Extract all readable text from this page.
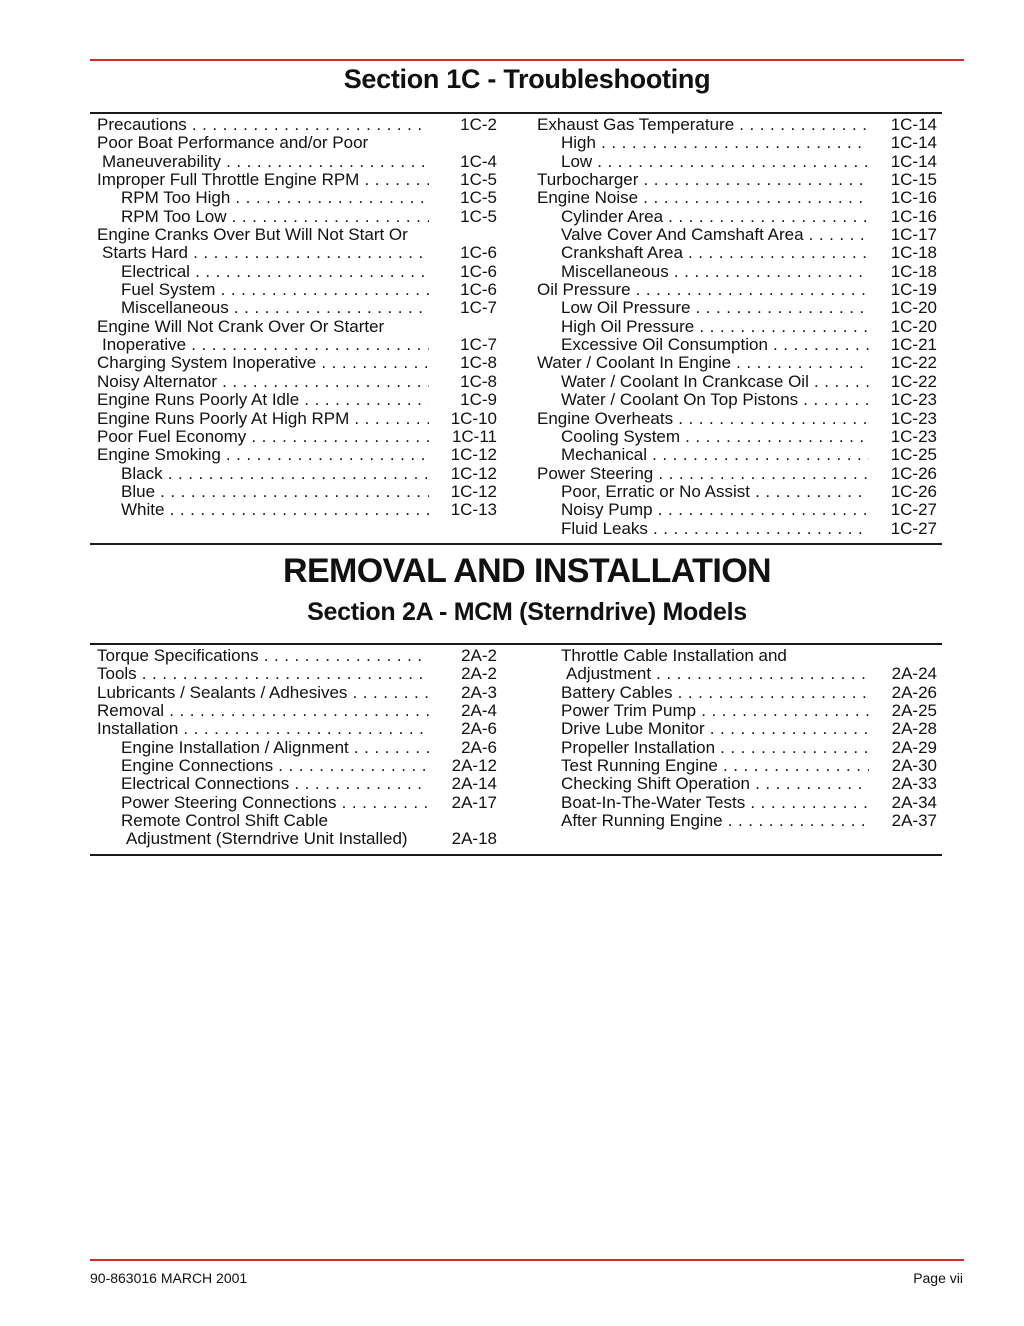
Section 1C - Troubleshooting
Precautions . . .	1C-2
Poor Boat Performance and/or Poor
Maneuverability . . .	1C-4
Improper Full Throttle Engine RPM . . .	1C-5
RPM Too High . . .	1C-5
RPM Too Low . . .	1C-5
Engine Cranks Over But Will Not Start Or
Starts Hard . . .	1C-6
Electrical . . .	1C-6
Fuel System . . .	1C-6
Miscellaneous . . .	1C-7
Engine Will Not Crank Over Or Starter
Inoperative . . .	1C-7
Charging System Inoperative . . .	1C-8
Noisy Alternator . . .	1C-8
Engine Runs Poorly At Idle . . .	1C-9
Engine Runs Poorly At High RPM . . .	1C-10
Poor Fuel Economy . . .	1C-11
Engine Smoking . . .	1C-12
Black . . .	1C-12
Blue . . .	1C-12
White . . .	1C-13
Exhaust Gas Temperature . . .	1C-14
High . . .	1C-14
Low . . .	1C-14
Turbocharger . . .	1C-15
Engine Noise . . .	1C-16
Cylinder Area . . .	1C-16
Valve Cover And Camshaft Area . . .	1C-17
Crankshaft Area . . .	1C-18
Miscellaneous . . .	1C-18
Oil Pressure . . .	1C-19
Low Oil Pressure . . .	1C-20
High Oil Pressure . . .	1C-20
Excessive Oil Consumption . . .	1C-21
Water / Coolant In Engine . . .	1C-22
Water / Coolant In Crankcase Oil . . .	1C-22
Water / Coolant On Top Pistons . . .	1C-23
Engine Overheats . . .	1C-23
Cooling System . . .	1C-23
Mechanical . . .	1C-25
Power Steering . . .	1C-26
Poor, Erratic or No Assist . . .	1C-26
Noisy Pump . . .	1C-27
Fluid Leaks . . .	1C-27
REMOVAL AND INSTALLATION
Section 2A - MCM (Sterndrive) Models
Torque Specifications . . .	2A-2
Tools . . .	2A-2
Lubricants / Sealants / Adhesives . . .	2A-3
Removal . . .	2A-4
Installation . . .	2A-6
Engine Installation / Alignment . . .	2A-6
Engine Connections . . .	2A-12
Electrical Connections . . .	2A-14
Power Steering Connections . . .	2A-17
Remote Control Shift Cable
Adjustment (Sterndrive Unit Installed)	2A-18
Throttle Cable Installation and
Adjustment . . .	2A-24
Battery Cables . . .	2A-26
Power Trim Pump . . .	2A-25
Drive Lube Monitor . . .	2A-28
Propeller Installation . . .	2A-29
Test Running Engine . . .	2A-30
Checking Shift Operation . . .	2A-33
Boat-In-The-Water Tests . . .	2A-34
After Running Engine . . .	2A-37
90-863016 MARCH 2001	Page vii
